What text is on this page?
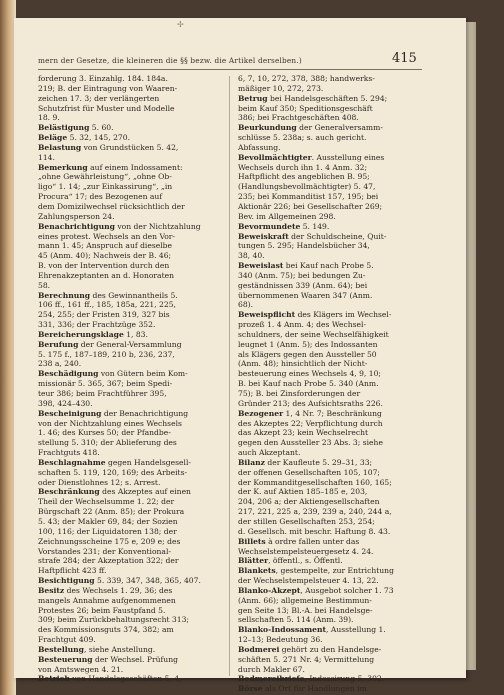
✢
mern der Gesetze, die kleineren die §§ bezw. die Artikel derselben.)	415
forderung 3. Einzahlg. 184. 184a.
219; B. der Eintragung von Waaren-
zeichen 17. 3; der verlängerten
Schutzfrist für Muster und Modelle
18. 9.
Belästigung 5. 60.
Beläge 5. 32, 145, 270.
Belastung von Grundstücken 5. 42,
114.
Bemerkung auf einem Indossament:
„ohne Gewährleistung“, „ohne Ob-
ligo“ 1. 14; „zur Einkassirung“, „in
Procura“ 17; des Bezogenen auf
dem Domizilwechsel rücksichtlich der
Zahlungsperson 24.
Benachrichtigung von der Nichtzahlung
eines protest. Wechsels an den Vor-
mann 1. 45; Anspruch auf dieselbe
45 (Anm. 40); Nachweis der B. 46;
B. von der Intervention durch den
Ehrenakzeptanten an d. Honoraten
58.
Berechnung des Gewinnantheils 5.
106 ff., 161 ff., 185, 185a, 221, 225,
254, 255; der Fristen 319, 327 bis
331, 336; der Frachtzüge 352.
Bereicherungsklage 1, 83.
Berufung der General-Versammlung
5. 175 f., 187–189, 210 b, 236, 237,
238 a, 240.
Beschädigung von Gütern beim Kom-
missionär 5. 365, 367; beim Spedi-
teur 386; beim Frachtführer 395,
398, 424–430.
Bescheinigung der Benachrichtigung
von der Nichtzahlung eines Wechsels
1. 46; des Kurses 50; der Pfandbe-
stellung 5. 310; der Ablieferung des
Frachtguts 418.
Beschlagnahme gegen Handelsgesell-
schaften 5. 119, 120, 169; des Arbeits-
oder Dienstlohnes 12; s. Arrest.
Beschränkung des Akzeptes auf einen
Theil der Wechselsumme 1. 22; der
Bürgschaft 22 (Anm. 85); der Prokura
5. 43; der Makler 69, 84; der Sozien
100, 116; der Liquidatoren 138; der
Zeichnungsscheine 175 e, 209 e; des
Vorstandes 231; der Konventional-
strafe 284; der Akzeptation 322; der
Haftpflicht 423 ff.
Besichtigung 5. 339, 347, 348, 365, 407.
Besitz des Wechsels 1. 29, 36; des
mangels Annahme aufgenommenen
Protestes 26; beim Faustpfand 5.
309; beim Zurückbehaltungsrecht 313;
des Kommissionsguts 374, 382; am
Frachtgut 409.
Bestellung, siehe Anstellung.
Besteuerung der Wechsel. Prüfung
von Amtswegen 4. 21.
Betrieb von Handelsgeschäften 5. 4,
6, 7, 10, 272, 378, 388; handwerks-
mäßiger 10, 272, 273.
Betrug bei Handelsgeschäften 5. 294;
beim Kauf 350; Speditionsgeschäft
386; bei Frachtgeschäften 408.
Beurkundung der Generalversamm-
schlüsse 5. 238a; s. auch gericht.
Abfassung.
Bevollmächtigter. Ausstellung eines
Wechsels durch ihn 1. 4 Anm. 32;
Haftpflicht des angeblichen B. 95;
(Handlungsbevollmächtigter) 5. 47,
235; bei Kommanditist 157, 195; bei
Aktionär 226; bei Gesellschafter 269;
Bev. im Allgemeinen 298.
Bevormundete 5. 149.
Beweiskraft der Schuldscheine, Quit-
tungen 5. 295; Handelsbücher 34,
38, 40.
Beweislast bei Kauf nach Probe 5.
340 (Anm. 75); bei bedungen Zu-
geständnissen 339 (Anm. 64); bei
übernommenen Waaren 347 (Anm.
68).
Beweispflicht des Klägers im Wechsel-
prozeß 1. 4 Anm. 4; des Wechsel-
schuldners, der seine Wechselfähigkeit
leugnet 1 (Anm. 5); des Indossanten
als Klägers gegen den Aussteller 50
(Anm. 48); hinsichtlich der Nicht-
besteuerung eines Wechsels 4, 9, 10;
B. bei Kauf nach Probe 5. 340 (Anm.
75); B. bei Zinsforderungen der
Gründer 213; des Aufsichtsraths 226.
Bezogener 1, 4 Nr. 7; Beschränkung
des Akzeptes 22; Verpflichtung durch
das Akzept 23; kein Wechselrecht
gegen den Aussteller 23 Abs. 3; siehe
auch Akzeptant.
Bilanz der Kaufleute 5. 29–31, 33;
der offenen Gesellschaften 105, 107;
der Kommanditgesellschaften 160, 165;
der K. auf Aktien 185–185 e, 203,
204, 206 a; der Aktiengesellschaften
217, 221, 225 a, 239, 239 a, 240, 244 a,
der stillen Gesellschaften 253, 254;
d. Gesellsch. mit beschr. Haftung 8. 43.
Billets à ordre fallen unter das
Wechselstempelsteuergesetz 4. 24.
Blätter, öffentl., s. Öffentl.
Blankets, gestempelte, zur Entrichtung
der Wechselstempelsteuer 4. 13, 22.
Blanko-Akzept, Ausgebot solcher 1. 73
(Anm. 66); allgemeine Bestimmun-
gen Seite 13; Bl.-A. bei Handelsge-
sellschaften 5. 114 (Anm. 39).
Blanko-Indossament, Ausstellung 1.
12–13; Bedeutung 36.
Bodmerei gehört zu den Handelsge-
schäften 5. 271 Nr. 4; Vermittelung
durch Makler 67.
Bodmereibriefe, Indossirung 5. 302.
Börse als Ort für Handlungen im
